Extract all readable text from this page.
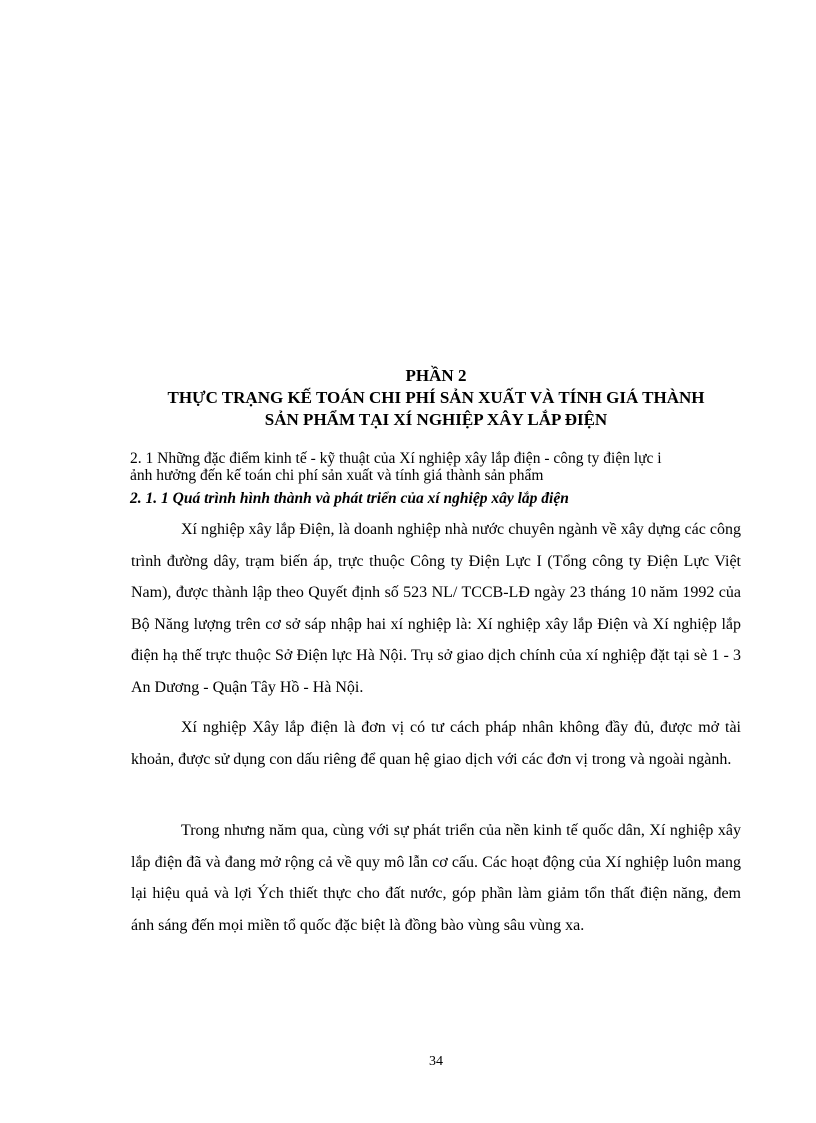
PHẦN 2

THỰC TRẠNG KẾ TOÁN CHI PHÍ SẢN XUẤT VÀ TÍNH GIÁ THÀNH

SẢN PHẨM TẠI XÍ NGHIỆP XÂY LẮP ĐIỆN

2. 1 Những đặc điểm kinh tế - kỹ thuật của Xí nghiệp xây lắp điện - công ty điện lực i

ảnh hưởng đến kế toán chi phí sản xuất và tính giá thành sản phẩm

2. 1. 1 Quá trình hình thành và phát triển của xí nghiệp xây lắp điện

Xí nghiệp xây lắp Điện, là doanh nghiệp nhà nước chuyên ngành về xây dựng các công trình đường dây, trạm biến áp, trực thuộc Công ty Điện Lực I (Tổng công ty Điện Lực Việt Nam), được thành lập theo Quyết định số 523 NL/ TCCB-LĐ ngày 23 tháng 10 năm 1992 của Bộ Năng lượng trên cơ sở sáp nhập hai xí nghiệp là: Xí nghiệp xây lắp Điện và Xí nghiệp lắp điện hạ thế trực thuộc Sở Điện lực Hà Nội. Trụ sở giao dịch chính của xí nghiệp đặt tại sè 1 - 3 An Dương - Quận Tây Hồ - Hà Nội.

Xí nghiệp Xây lắp điện là đơn vị có tư cách pháp nhân không đầy đủ, được mở tài khoản, được sử dụng con dấu riêng để quan hệ giao dịch với các đơn vị trong và ngoài ngành.

Trong nhưng năm qua, cùng với sự phát triển của nền kinh tế quốc dân, Xí nghiệp xây lắp điện đã và đang mở rộng cả về quy mô lẫn cơ cấu. Các hoạt động của Xí nghiệp luôn mang lại hiệu quả và lợi Ých thiết thực cho đất nước, góp phần làm giảm tổn thất điện năng, đem ánh sáng đến mọi miền tổ quốc đặc biệt là đồng bào vùng sâu vùng xa.

34
